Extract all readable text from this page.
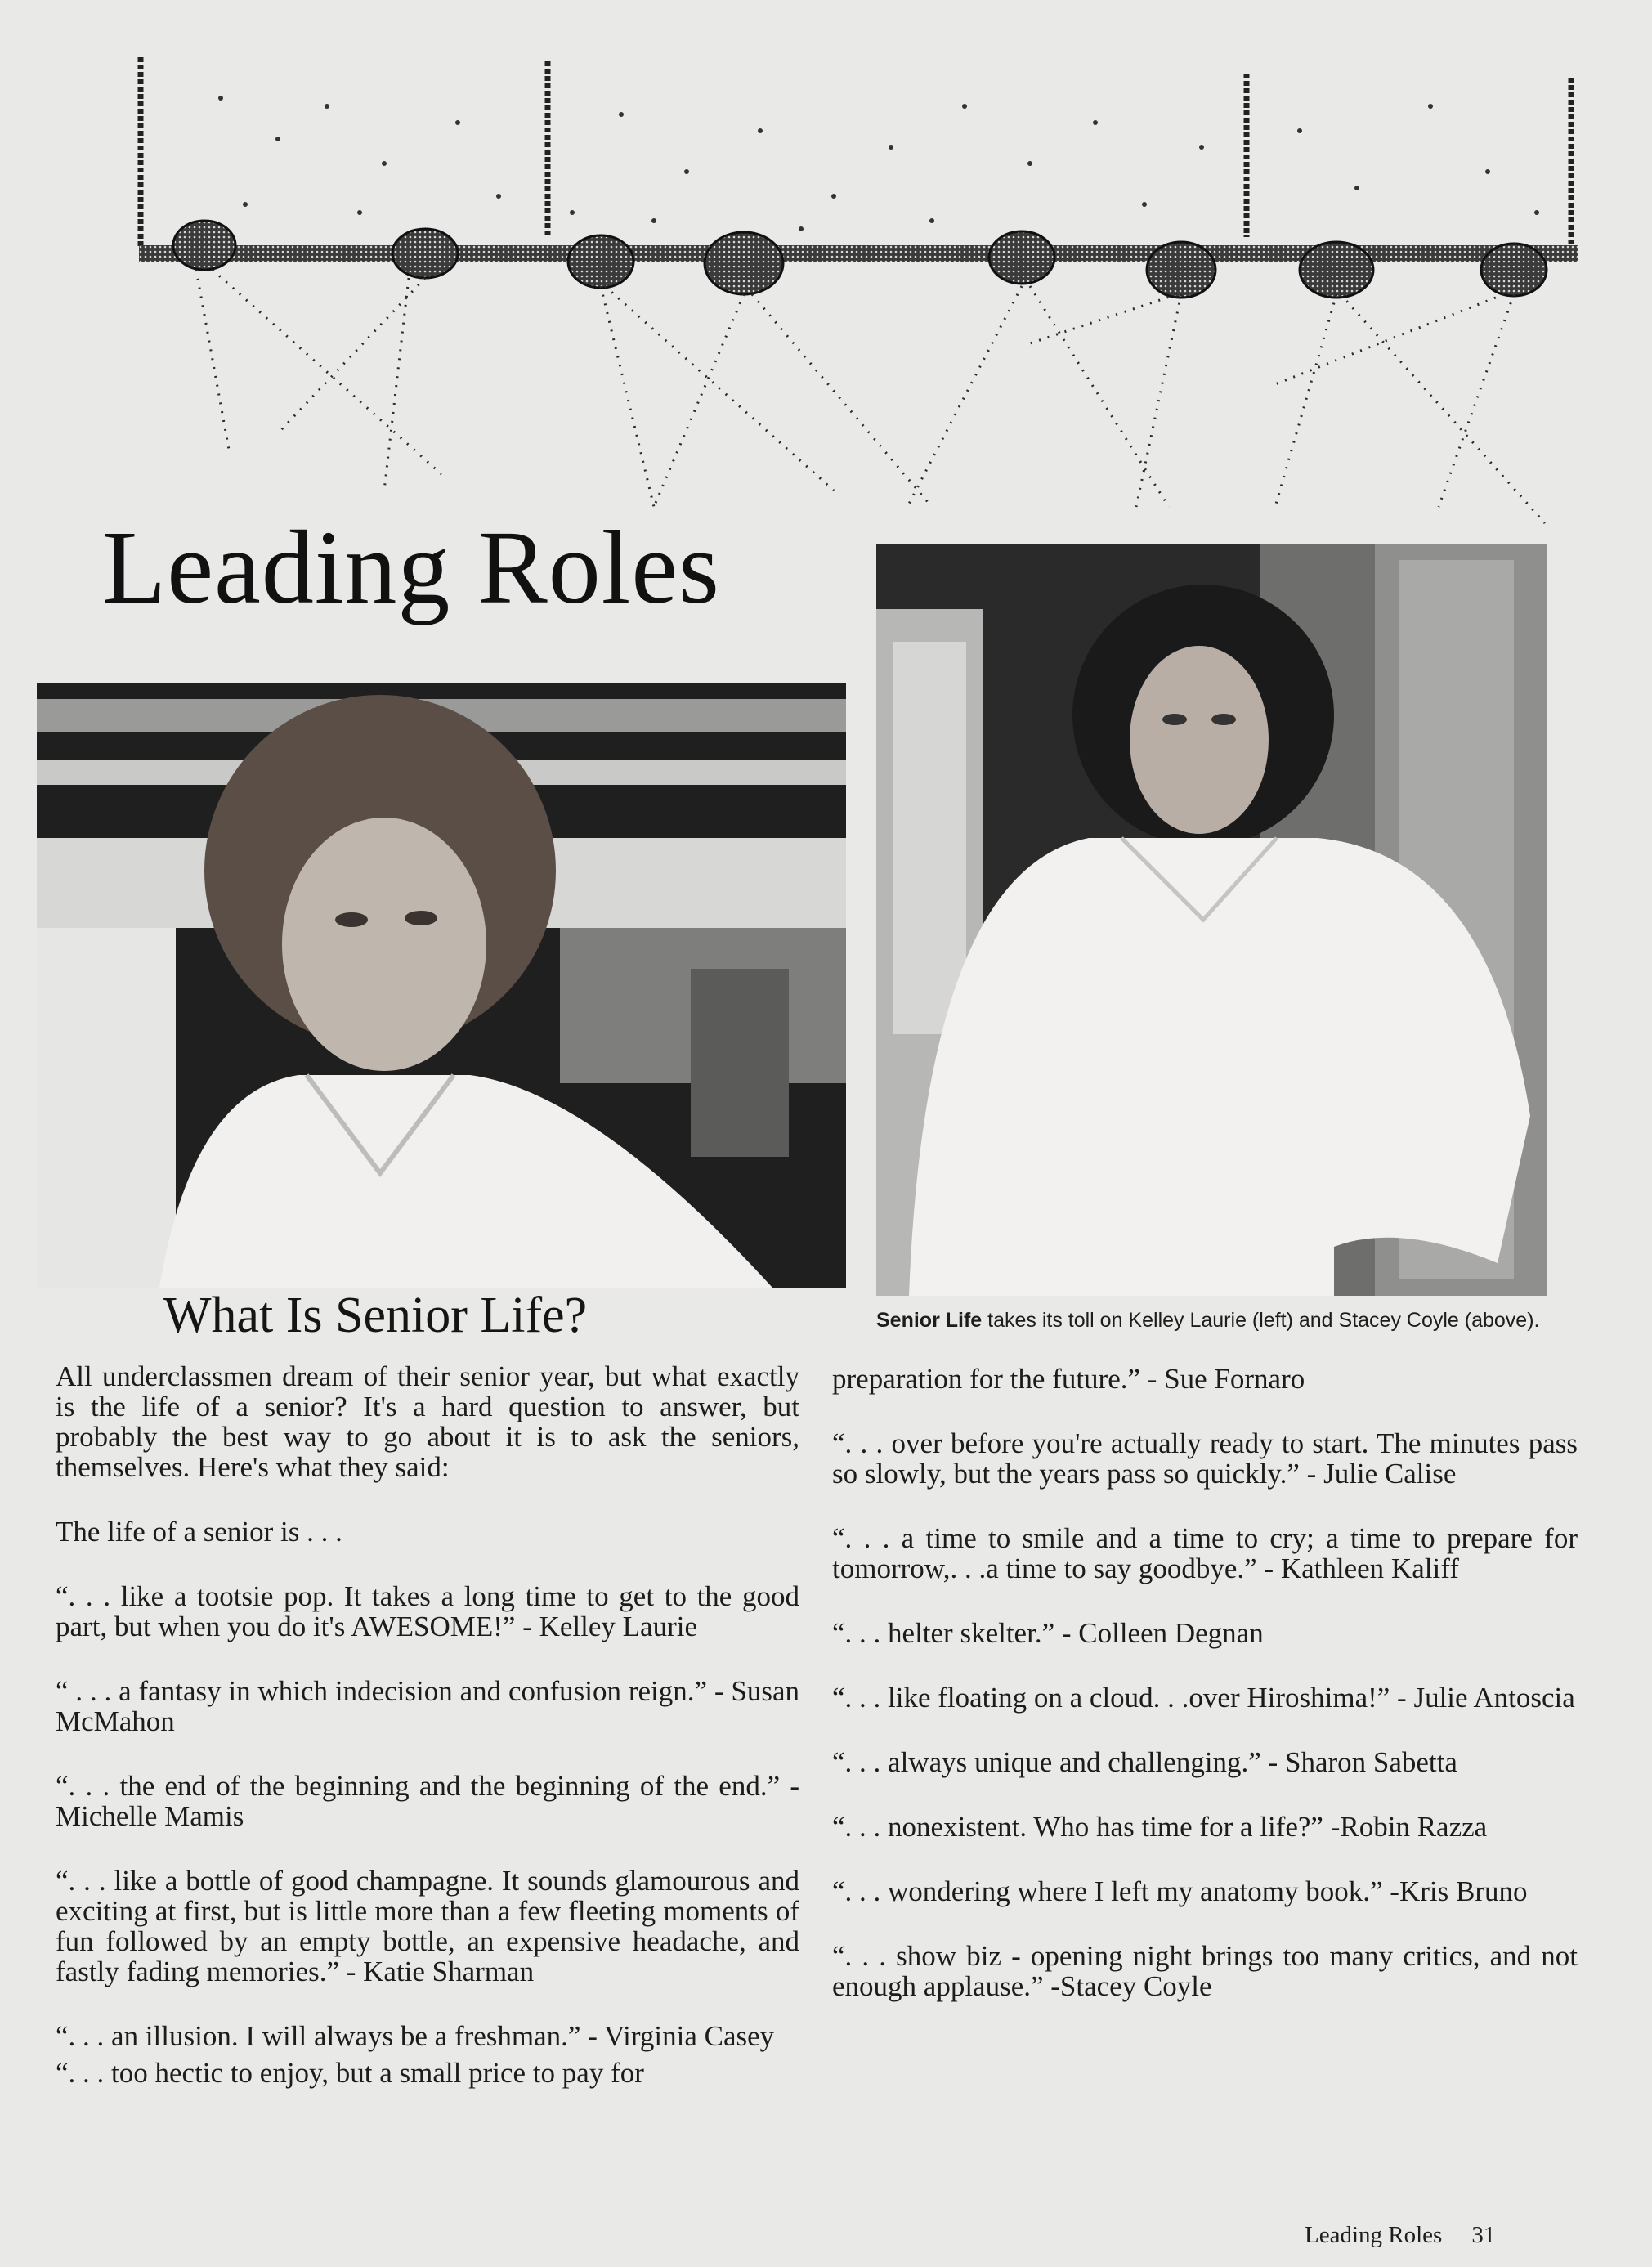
Leading Roles
What Is Senior Life?	Senior Life takes its toll on Kelley Laurie (left) and Stacey Coyle (above).

All underclassmen dream of their senior year, but what exactly is the life of a senior? It's a hard question to answer, but probably the best way to go about it is to ask the seniors, themselves. Here's what they said:

The life of a senior is . . .

“. . . like a tootsie pop. It takes a long time to get to the good part, but when you do it's AWESOME!” - Kelley Laurie

“ . . . a fantasy in which indecision and confusion reign.” - Susan McMahon

“. . . the end of the beginning and the beginning of the end.” - Michelle Mamis

“. . . like a bottle of good champagne. It sounds glamourous and exciting at first, but is little more than a few fleeting moments of fun followed by an empty bottle, an expensive headache, and fastly fading memories.” - Katie Sharman

“. . . an illusion. I will always be a freshman.” - Virginia Casey

“. . . too hectic to enjoy, but a small price to pay for

preparation for the future.” - Sue Fornaro

“. . . over before you're actually ready to start. The minutes pass so slowly, but the years pass so quickly.” - Julie Calise

“. . . a time to smile and a time to cry; a time to prepare for tomorrow,. . .a time to say goodbye.” - Kathleen Kaliff

“. . . helter skelter.” - Colleen Degnan

“. . . like floating on a cloud. . .over Hiroshima!” - Julie Antoscia

“. . . always unique and challenging.” - Sharon Sabetta

“. . . nonexistent. Who has time for a life?” -Robin Razza

“. . . wondering where I left my anatomy book.” -Kris Bruno

“. . . show biz - opening night brings too many critics, and not enough applause.” -Stacey Coyle

Leading Roles 31
